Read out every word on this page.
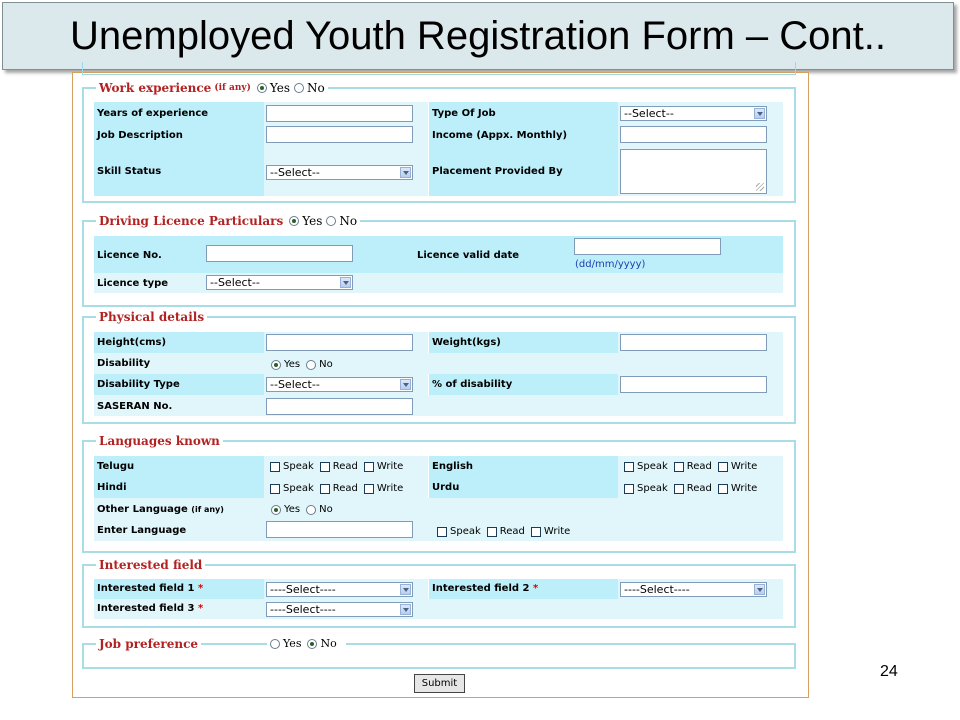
Unemployed Youth Registration Form – Cont..
Work experience (if any) Yes No
Years of experience	Type Of Job	--Select--
Job Description	Income (Appx. Monthly)
Skill Status	--Select--	Placement Provided By
Driving Licence Particulars Yes No
Licence No.	Licence valid date
(dd/mm/yyyy)
Licence type	--Select--
Physical details
Height(cms)	Weight(kgs)
Disability	Yes No
Disability Type	--Select--	% of disability
SASERAN No.
Languages known
Telugu	Speak Read Write	English	Speak Read Write
Hindi	Speak Read Write	Urdu	Speak Read Write
Other Language (if any)	Yes No
Enter Language	Speak Read Write
Interested field
Interested field 1 *	----Select----	Interested field 2 *	----Select----
Interested field 3 *	----Select----
Job preference	Yes No
Submit
24
